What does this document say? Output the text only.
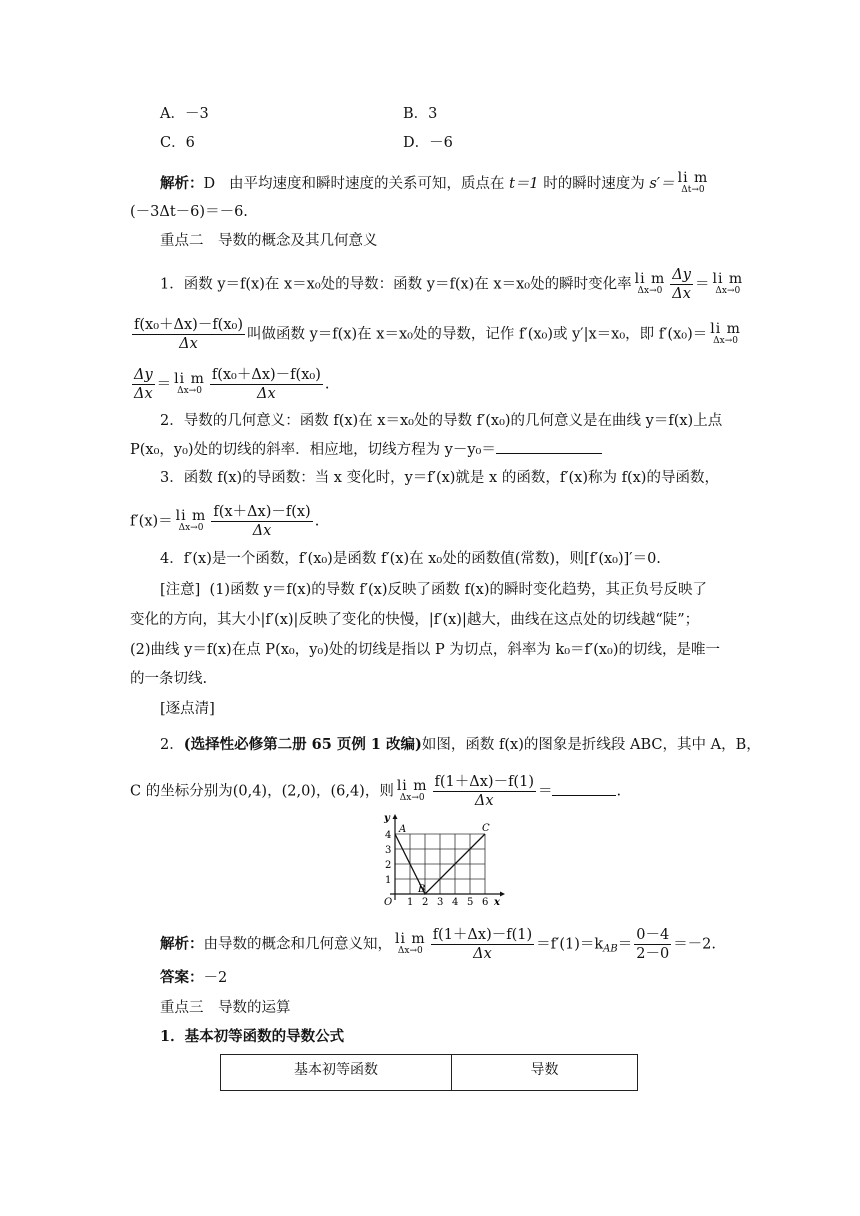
A．－3	B．3
C．6	D．－6
解析：D 由平均速度和瞬时速度的关系可知，质点在 t＝1 时的瞬时速度为 s′＝ li m
Δt→0
(－3Δt－6)＝－6.
重点二　导数的概念及其几何意义
1．函数 y＝f(x)在 x＝x₀处的导数：函数 y＝f(x)在 x＝x₀处的瞬时变化率 li m
$\Delta x\to 0 \frac{\Delta y}{\Delta x}$ ＝ li m
Δx→0
$\frac{\text{f(x₀＋Δx)－f(x₀)}}{\Delta x}$ 叫做函数 y＝f(x)在 x＝x₀处的导数，记作 f′(x₀)或 y′|x＝x₀，即 f′(x₀)＝ li m
Δx→0
$\frac{\Delta y}{\Delta x}$ ＝ li m
$\Delta x\to 0 \frac{\text{f(x₀＋Δx)－f(x₀)}}{\Delta x}$ .
2．导数的几何意义：函数 f(x)在 x＝x₀处的导数 f′(x₀)的几何意义是在曲线 y＝f(x)上点
P(x₀，y₀)处的切线的斜率．相应地，切线方程为 y－y₀＝
3．函数 f(x)的导函数：当 x 变化时，y＝f′(x)就是 x 的函数，f′(x)称为 f(x)的导函数，
f′(x)＝ li m
$\Delta x\to 0 \frac{f(x+\Delta x)-f(x)}{\Delta x}$ .
4．f′(x)是一个函数，f′(x₀)是函数 f′(x)在 x₀处的函数值(常数)，则[f′(x₀)]′＝0.
[注意] (1)函数 y＝f(x)的导数 f′(x)反映了函数 f(x)的瞬时变化趋势，其正负号反映了
变化的方向，其大小|f′(x)|反映了变化的快慢，|f′(x)|越大，曲线在这点处的切线越“陡”；
(2)曲线 y＝f(x)在点 P(x₀，y₀)处的切线是指以 P 为切点，斜率为 k₀＝f′(x₀)的切线，是唯一
的一条切线.
[逐点清]
2．(选择性必修第二册 65 页例 1 改编)如图，函数 f(x)的图象是折线段 ABC，其中 A，B，
C 的坐标分别为(0,4)，(2,0)，(6,4)，则 li m
$\Delta x\to 0 \frac{f(1+\Delta x)-f(1)}{\Delta x}$ ＝	.
A
B
C
O	x
y
1 2 3 4 5 6
1
2
3
4
解析：由导数的概念和几何意义知， li m
$\Delta x\to 0 \frac{f(1+\Delta x)-f(1)}{\Delta x} =f'(1)=k_{AB}= \frac{0-4}{2-0} =-2$.
答案：－2
重点三　导数的运算
1．基本初等函数的导数公式
基本初等函数	导数
